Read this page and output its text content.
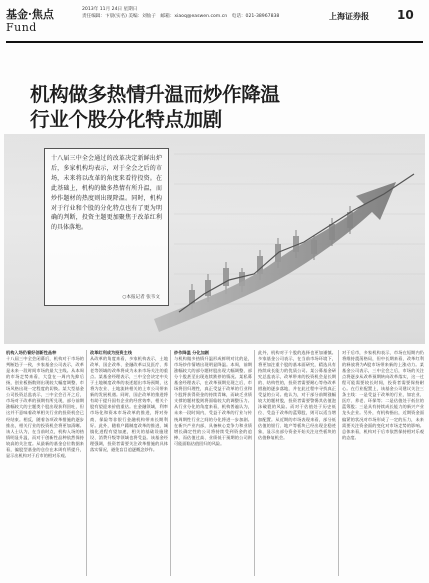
基金·焦点
Fund
2013年 11月 24日 星期日
责任编辑：卞晨(实名) 美编：刘仙子　邮箱：xiaoq@easwen.com.cn　电话：021-38967838	上海证券报 10
机构做多热情升温而炒作降温
行业个股分化特点加剧
十八届三中全会通过的改革决定新鲜出炉后，多家机构均表示，对于全会之后的市场，未来将以改革的角度来看待投资。在此基础上，机构的做多热情有所升温，而炒作题材的热度则出现降温。同时，机构对于行业和个股的分化特点也有了更为明确的判断，投资主题更加聚焦于改革红利的具体落地。
○本报记者 张韦文

机构入场仍看好创新性品种

十八届三中全会闭幕后，机构对于市场的判断趋于一致，多家基金公司表示，改革是未来一段时间市场的最大主线。从本周的市场走势来看，大盘在一周内先抑后扬，创业板指数则出现较大幅度调整，市场风格出现一定程度的切换。某大型基金公司投资总监表示，三中全会召开之后，市场对于改革的预期有所兑现，部分前期涨幅较大的主题类个股出现获利回吐，但这并不意味着改革相关行业的投资机会已经结束。相反，随着各项改革措施的逐步推出，相关行业的投资机会将更加清晰。该人士认为，在当前时点，机构入场的热情明显升温，而对于创新性品种依然保持较高的关注度。从最新的基金仓位数据来看，偏股型基金的仓位在本周有所提升，显示出机构对于后市的相对乐观。

改革红利成为投资主线

从改革的角度来看，多家机构表示，土地改革、国企改革、金融改革以及医疗、养老等领域的改革将成为未来市场关注的重点。某基金经理表示，三中全会决定中关于土地制度改革的表述超出市场预期，这将为农业、土地流转相关的上市公司带来新的发展机遇。同时，国企改革的推进将有助于提升国有企业的经营效率，相关个股有望迎来价值重估。在金融领域，利率市场化和资本市场改革的推进，将对券商、保险等非银行金融机构带来长期利好。此外，随着户籍制度改革的推进，城镇化进程有望加速，相关的基础设施建设、消费升级等领域也将受益。该基金经理强调，投资者需要关注改革措施的具体落实情况，避免盲目追逐概念炒作。

炒作降温 分化加剧

与机构做多热情升温形成鲜明对比的是，市场炒作情绪出现明显降温。本周，前期涨幅较大的部分题材股出现大幅调整，部分个股甚至出现连续跌停的情况。某私募基金经理表示，在改革预期兑现之后，市场将回归理性，真正受益于改革的行业和个股将获得资金的持续青睐，而缺乏业绩支撑的题材股则将面临较大的调整压力。从行业分化的角度来看，机构普遍认为，未来一段时间内，受益于改革的行业与传统周期性行业之间的分化将进一步加剧。在新兴产业内部，具备核心竞争力和业绩增长确定性的公司将持续受到资金的追捧，而估值过高、业绩低于预期的公司则可能面临估值回归的风险。

此外，机构对于个股的选择也更加谨慎。多家基金公司表示，在当前市场环境下，将更加注重个股的基本面研究，精选具有持续成长能力的优质公司。某公募基金研究总监表示，改革带来的投资机会是长期的、结构性的，投资者需要耐心等待改革措施的逐步落地，并在此过程中寻找真正受益的公司。他认为，对于部分前期涨幅较大的题材股，投资者需要警惕其估值泡沫破裂的风险。而对于估值处于历史低位、受益于改革的蓝筹股，则可以适当增加配置。从近期的市场表现来看，部分低估值的银行、地产等板块已经出现企稳迹象，显示出部分资金开始关注这些板块的估值修复机会。

对于后市，多家机构表示，市场在短期内仍将维持震荡格局，但中长期来看，改革红利的释放将为A股市场带来新的上涨动力。某基金公司表示，三中全会之后，市场的关注点将逐步从改革预期转向改革落实，这一过程可能需要较长时间，投资者需要保持耐心。在行业配置上，该基金公司建议关注三条主线：一是受益于改革的行业，如农业、医疗、养老、环保等；二是估值处于低位的蓝筹股；三是具有持续成长能力的新兴产业龙头企业。另外，有机构指出，近期资金面偏紧的状况对市场形成了一定的压力，未来需要关注资金面的变化对市场走势的影响。总体来看，机构对于后市依然保持相对乐观的态度。
